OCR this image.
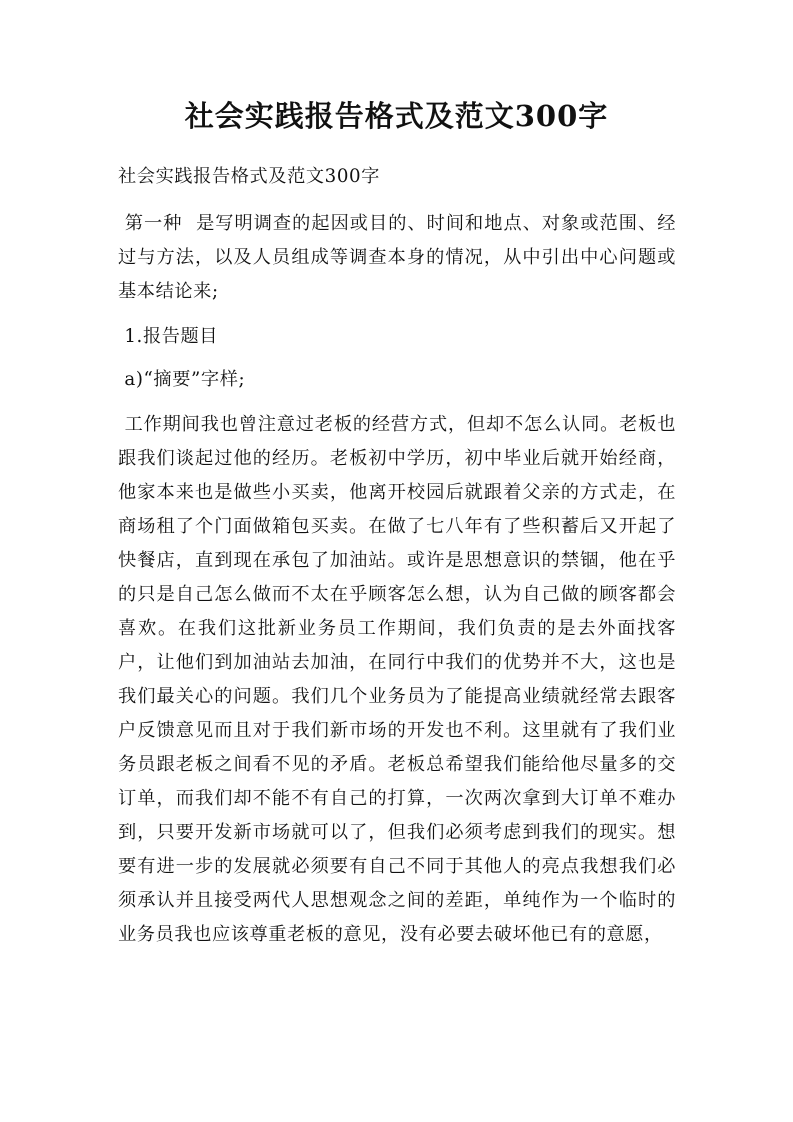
社会实践报告格式及范文300字

社会实践报告格式及范文300字

第一种  是写明调查的起因或目的、时间和地点、对象或范围、经过与方法，以及人员组成等调查本身的情况，从中引出中心问题或基本结论来;

1.报告题目

a)“摘要”字样;

工作期间我也曾注意过老板的经营方式，但却不怎么认同。老板也跟我们谈起过他的经历。老板初中学历，初中毕业后就开始经商，他家本来也是做些小买卖，他离开校园后就跟着父亲的方式走，在商场租了个门面做箱包买卖。在做了七八年有了些积蓄后又开起了快餐店，直到现在承包了加油站。或许是思想意识的禁锢，他在乎的只是自己怎么做而不太在乎顾客怎么想，认为自己做的顾客都会喜欢。在我们这批新业务员工作期间，我们负责的是去外面找客户，让他们到加油站去加油，在同行中我们的优势并不大，这也是我们最关心的问题。我们几个业务员为了能提高业绩就经常去跟客户反馈意见而且对于我们新市场的开发也不利。这里就有了我们业务员跟老板之间看不见的矛盾。老板总希望我们能给他尽量多的交订单，而我们却不能不有自己的打算，一次两次拿到大订单不难办到，只要开发新市场就可以了，但我们必须考虑到我们的现实。想要有进一步的发展就必须要有自己不同于其他人的亮点我想我们必须承认并且接受两代人思想观念之间的差距，单纯作为一个临时的业务员我也应该尊重老板的意见，没有必要去破坏他已有的意愿，
